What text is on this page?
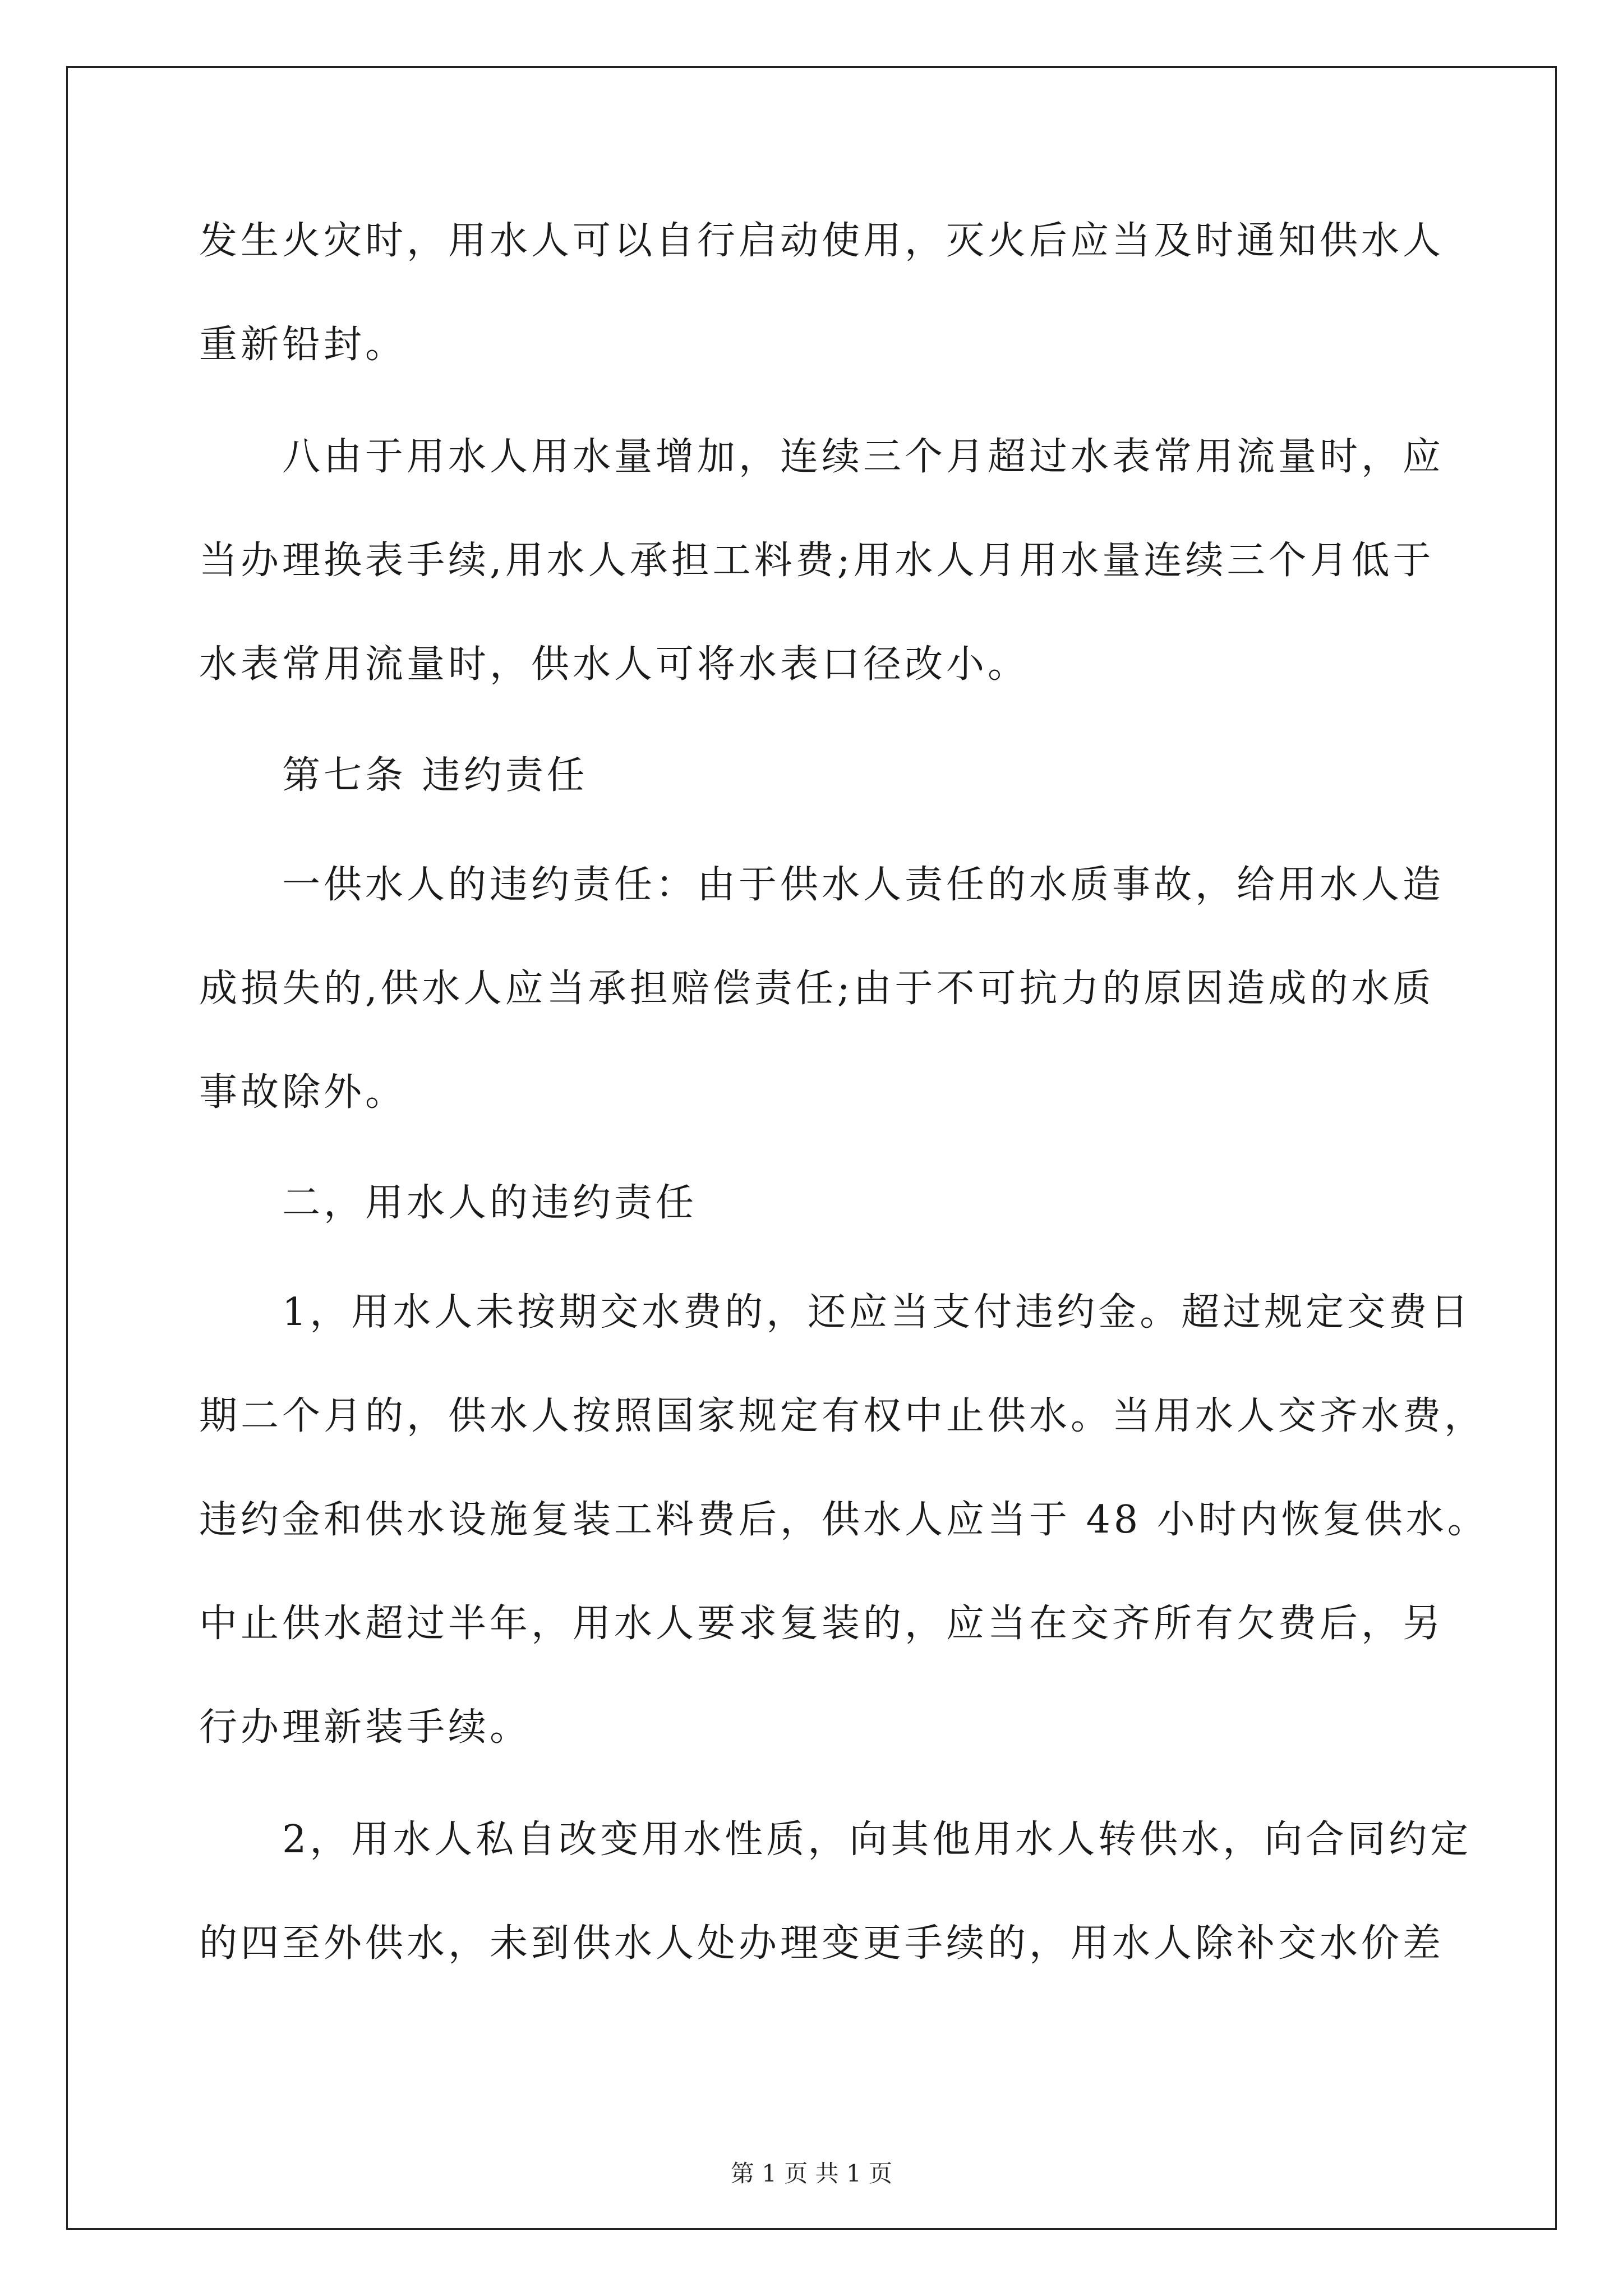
发生火灾时，用水人可以自行启动使用，灭火后应当及时通知供水人
重新铅封。
八由于用水人用水量增加，连续三个月超过水表常用流量时，应
当办理换表手续,用水人承担工料费;用水人月用水量连续三个月低于
水表常用流量时，供水人可将水表口径改小。
第七条 违约责任
一供水人的违约责任：由于供水人责任的水质事故，给用水人造
成损失的,供水人应当承担赔偿责任;由于不可抗力的原因造成的水质
事故除外。
二，用水人的违约责任
1，用水人未按期交水费的，还应当支付违约金。超过规定交费日
期二个月的，供水人按照国家规定有权中止供水。当用水人交齐水费，
违约金和供水设施复装工料费后，供水人应当于 48 小时内恢复供水。
中止供水超过半年，用水人要求复装的，应当在交齐所有欠费后，另
行办理新装手续。
2，用水人私自改变用水性质，向其他用水人转供水，向合同约定
的四至外供水，未到供水人处办理变更手续的，用水人除补交水价差
第 1 页 共 1 页
